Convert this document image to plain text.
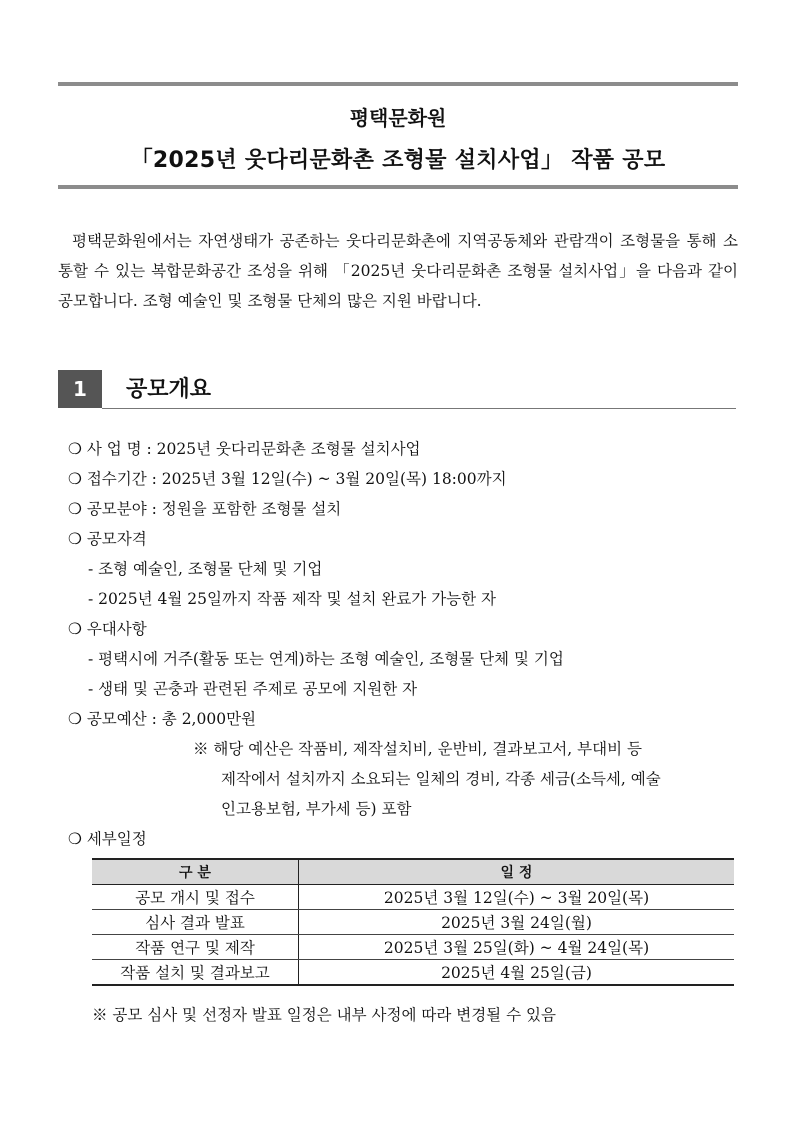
평택문화원
「2025년 웃다리문화촌 조형물 설치사업」 작품 공모
평택문화원에서는 자연생태가 공존하는 웃다리문화촌에 지역공동체와 관람객이 조형물을 통해 소통할 수 있는 복합문화공간 조성을 위해 「2025년 웃다리문화촌 조형물 설치사업」을 다음과 같이 공모합니다. 조형 예술인 및 조형물 단체의 많은 지원 바랍니다.
1	공모개요
❍ 사 업 명 : 2025년 웃다리문화촌 조형물 설치사업
❍ 접수기간 : 2025년 3월 12일(수) ~ 3월 20일(목) 18:00까지
❍ 공모분야 : 정원을 포함한 조형물 설치
❍ 공모자격
- 조형 예술인, 조형물 단체 및 기업
- 2025년 4월 25일까지 작품 제작 및 설치 완료가 가능한 자
❍ 우대사항
- 평택시에 거주(활동 또는 연계)하는 조형 예술인, 조형물 단체 및 기업
- 생태 및 곤충과 관련된 주제로 공모에 지원한 자
❍ 공모예산 : 총 2,000만원
※ 해당 예산은 작품비, 제작설치비, 운반비, 결과보고서, 부대비 등
제작에서 설치까지 소요되는 일체의 경비, 각종 세금(소득세, 예술
인고용보험, 부가세 등) 포함
❍ 세부일정
구 분	일 정
공모 개시 및 접수	2025년 3월 12일(수) ~ 3월 20일(목)
심사 결과 발표	2025년 3월 24일(월)
작품 연구 및 제작	2025년 3월 25일(화) ~ 4월 24일(목)
작품 설치 및 결과보고	2025년 4월 25일(금)
※ 공모 심사 및 선정자 발표 일정은 내부 사정에 따라 변경될 수 있음
